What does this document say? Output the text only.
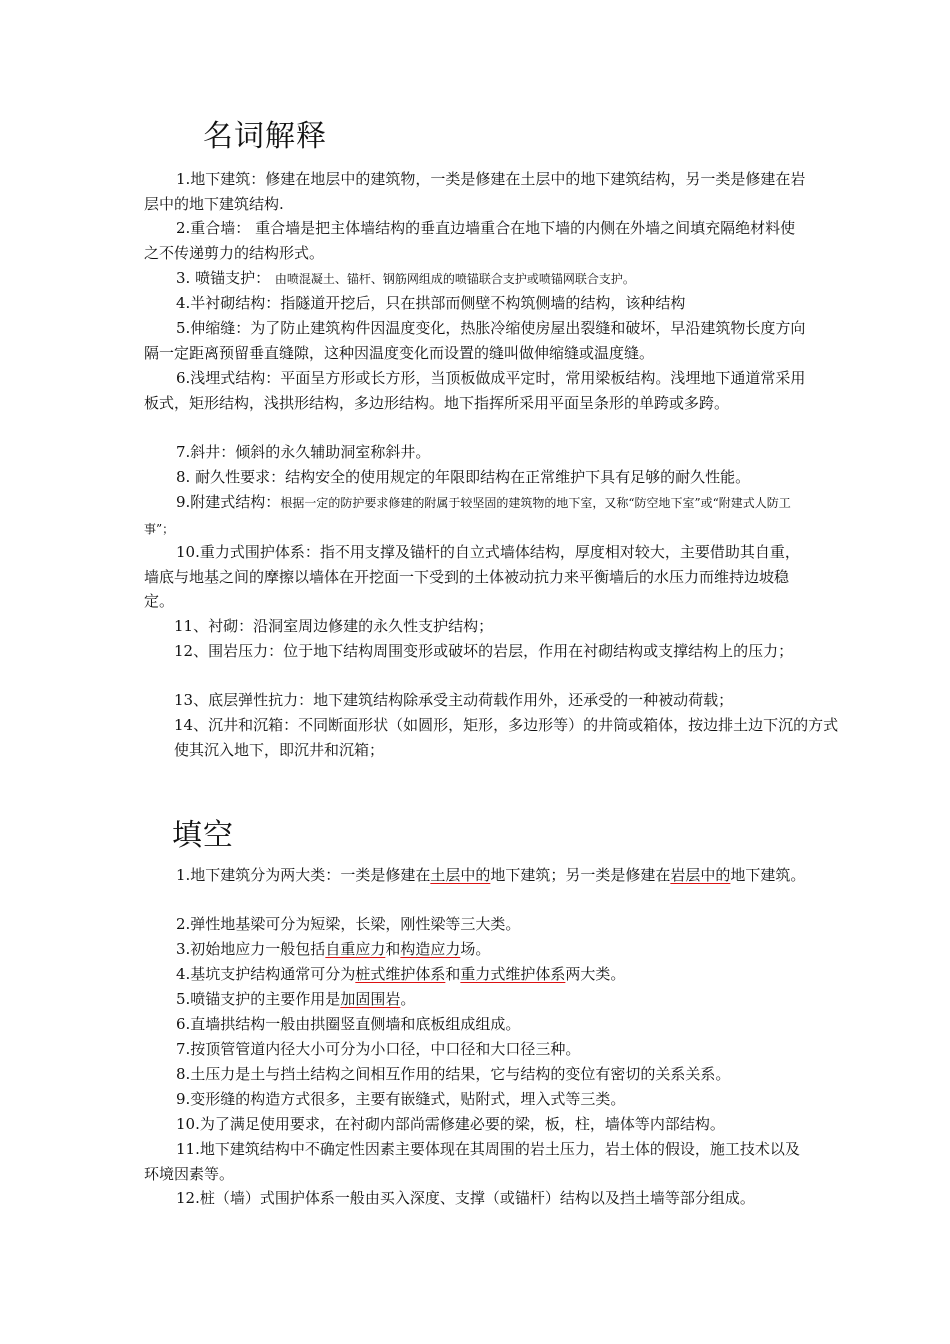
名词解释

1.地下建筑：修建在地层中的建筑物，一类是修建在土层中的地下建筑结构，另一类是修建在岩层中的地下建筑结构.

2.重合墙： 重合墙是把主体墙结构的垂直边墙重合在地下墙的内侧在外墙之间填充隔绝材料使之不传递剪力的结构形式。

3. 喷锚支护： 由喷混凝土、锚杆、钢筋网组成的喷锚联合支护或喷锚网联合支护。

4.半衬砌结构：指隧道开挖后，只在拱部而侧壁不构筑侧墙的结构，该种结构

5.伸缩缝：为了防止建筑构件因温度变化，热胀冷缩使房屋出裂缝和破坏，早沿建筑物长度方向隔一定距离预留垂直缝隙，这种因温度变化而设置的缝叫做伸缩缝或温度缝。

6.浅埋式结构：平面呈方形或长方形，当顶板做成平定时，常用梁板结构。浅埋地下通道常采用板式，矩形结构，浅拱形结构，多边形结构。地下指挥所采用平面呈条形的单跨或多跨。

7.斜井：倾斜的永久辅助洞室称斜井。

8. 耐久性要求：结构安全的使用规定的年限即结构在正常维护下具有足够的耐久性能。

9.附建式结构：根据一定的防护要求修建的附属于较坚固的建筑物的地下室，又称“防空地下室”或“附建式人防工事”；

10.重力式围护体系：指不用支撑及锚杆的自立式墙体结构，厚度相对较大，主要借助其自重，墙底与地基之间的摩擦以墙体在开挖面一下受到的土体被动抗力来平衡墙后的水压力而维持边坡稳定。

11、衬砌：沿洞室周边修建的永久性支护结构；

12、围岩压力：位于地下结构周围变形或破坏的岩层，作用在衬砌结构或支撑结构上的压力；

13、底层弹性抗力：地下建筑结构除承受主动荷载作用外，还承受的一种被动荷载；

14、沉井和沉箱：不同断面形状（如圆形，矩形，多边形等）的井筒或箱体，按边排土边下沉的方式使其沉入地下，即沉井和沉箱；

填空

1.地下建筑分为两大类：一类是修建在土层中的地下建筑；另一类是修建在岩层中的地下建筑。

2.弹性地基梁可分为短梁，长梁，刚性梁等三大类。

3.初始地应力一般包括自重应力和构造应力场。

4.基坑支护结构通常可分为桩式维护体系和重力式维护体系两大类。

5.喷锚支护的主要作用是加固围岩。

6.直墙拱结构一般由拱圈竖直侧墙和底板组成组成。

7.按顶管管道内径大小可分为小口径，中口径和大口径三种。

8.土压力是土与挡土结构之间相互作用的结果，它与结构的变位有密切的关系关系。

9.变形缝的构造方式很多，主要有嵌缝式，贴附式，埋入式等三类。

10.为了满足使用要求，在衬砌内部尚需修建必要的梁，板，柱，墙体等内部结构。

11.地下建筑结构中不确定性因素主要体现在其周围的岩土压力，岩土体的假设，施工技术以及环境因素等。

12.桩（墙）式围护体系一般由买入深度、支撑（或锚杆）结构以及挡土墙等部分组成。
